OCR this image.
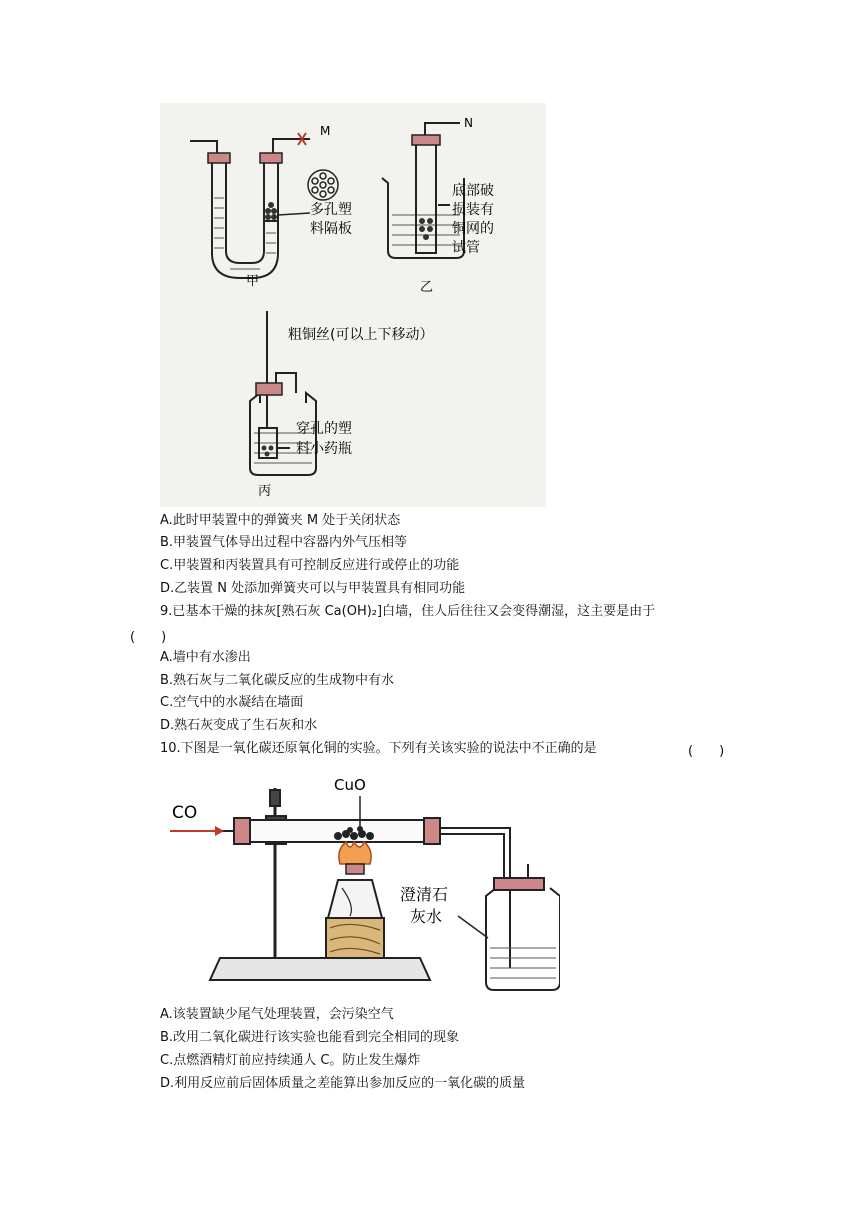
甲	乙
丙
M
N
多孔塑
料隔板
底部破
损装有
铜网的
试管
粗铜丝(可以上下移动）
穿孔的塑
料小药瓶
A.此时甲装置中的弹簧夹 M 处于关闭状态
B.甲装置气体导出过程中容器内外气压相等
C.甲装置和丙装置具有可控制反应进行或停止的功能
D.乙装置 N 处添加弹簧夹可以与甲装置具有相同功能
9.已基本干燥的抹灰[熟石灰 Ca(OH)₂]白墙，住人后往往又会变得潮湿，这主要是由于
(　　)
A.墙中有水渗出
B.熟石灰与二氧化碳反应的生成物中有水
C.空气中的水凝结在墙面
D.熟石灰变成了生石灰和水
10.下图是一氧化碳还原氧化铜的实验。下列有关该实验的说法中不正确的是	(　　)
CO
CuO
澄清石
灰水
A.该装置缺少尾气处理装置，会污染空气
B.改用二氧化碳进行该实验也能看到完全相同的现象
C.点燃酒精灯前应持续通人 C。防止发生爆炸
D.利用反应前后固体质量之差能算出参加反应的一氧化碳的质量
